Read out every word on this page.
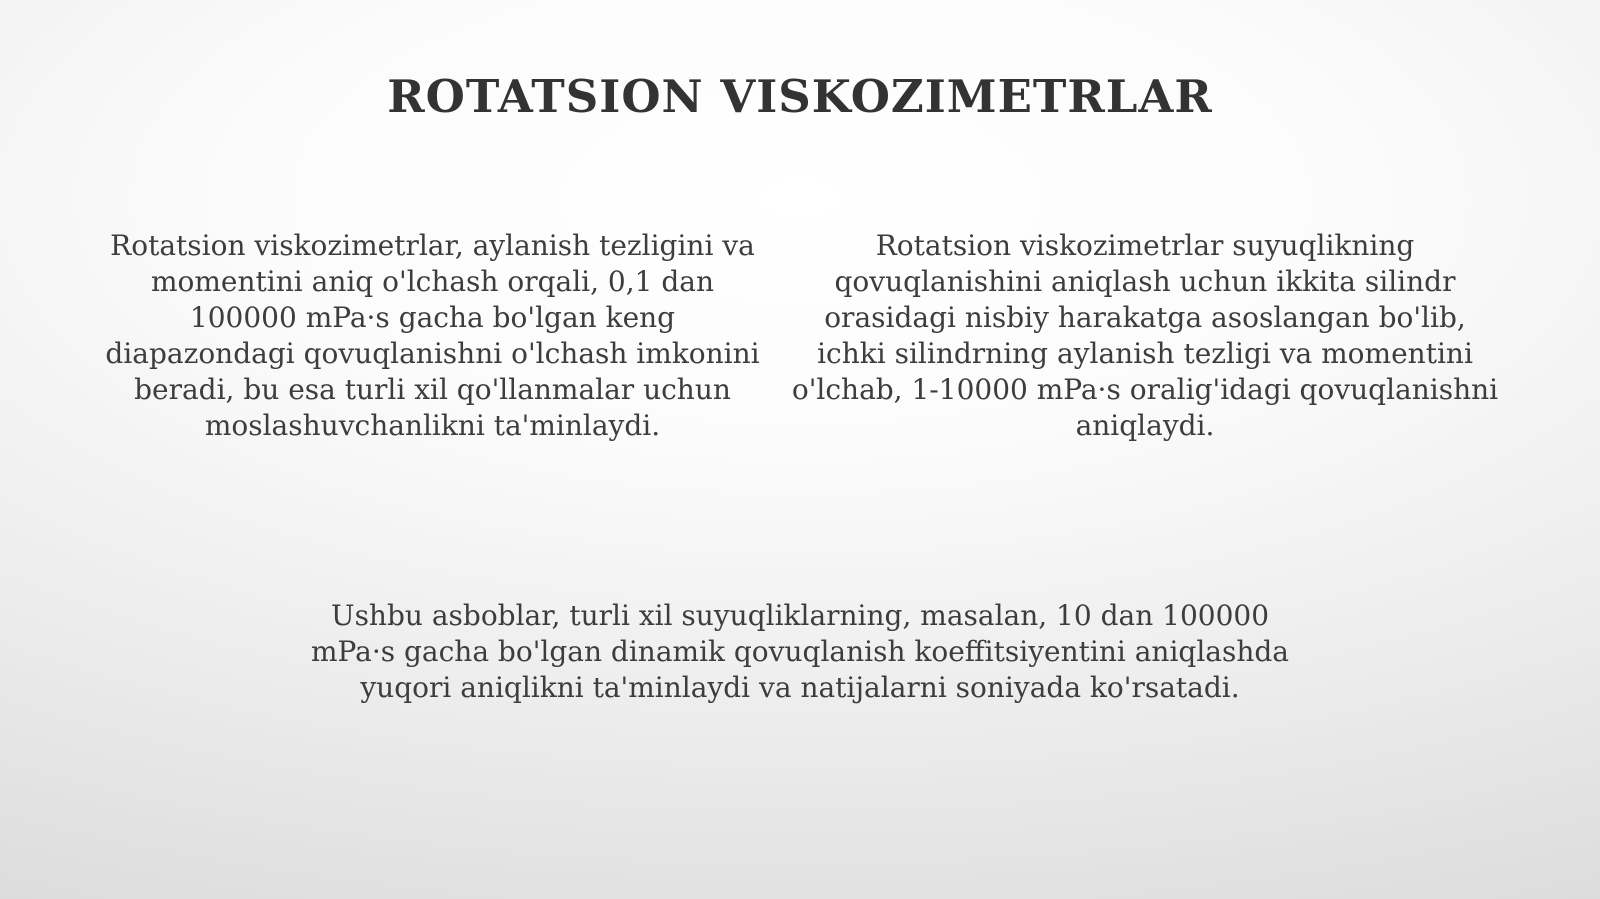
ROTATSION VISKOZIMETRLAR

Rotatsion viskozimetrlar, aylanish tezligini va momentini aniq o'lchash orqali, 0,1 dan 100000 mPa·s gacha bo'lgan keng diapazondagi qovuqlanishni o'lchash imkonini beradi, bu esa turli xil qo'llanmalar uchun moslashuvchanlikni ta'minlaydi.

Rotatsion viskozimetrlar suyuqlikning qovuqlanishini aniqlash uchun ikkita silindr orasidagi nisbiy harakatga asoslangan bo'lib, ichki silindrning aylanish tezligi va momentini o'lchab, 1-10000 mPa·s oralig'idagi qovuqlanishni aniqlaydi.

Ushbu asboblar, turli xil suyuqliklarning, masalan, 10 dan 100000 mPa·s gacha bo'lgan dinamik qovuqlanish koeffitsiyentini aniqlashda yuqori aniqlikni ta'minlaydi va natijalarni soniyada ko'rsatadi.
